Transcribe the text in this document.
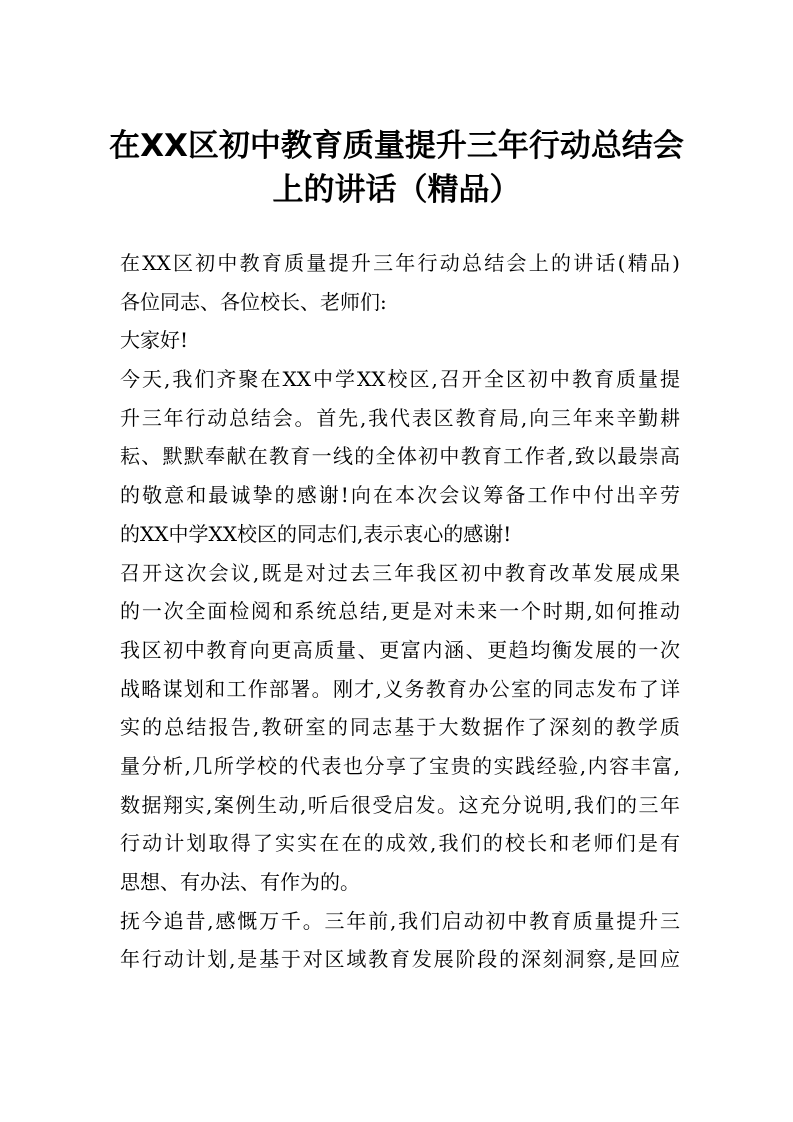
在XX区初中教育质量提升三年行动总结会
上的讲话（精品）
在XX区初中教育质量提升三年行动总结会上的讲话(精品)
各位同志、各位校长、老师们:
大家好!
今天,我们齐聚在XX中学XX校区,召开全区初中教育质量提
升三年行动总结会。首先,我代表区教育局,向三年来辛勤耕
耘、默默奉献在教育一线的全体初中教育工作者,致以最崇高
的敬意和最诚挚的感谢!向在本次会议筹备工作中付出辛劳
的XX中学XX校区的同志们,表示衷心的感谢!
召开这次会议,既是对过去三年我区初中教育改革发展成果
的一次全面检阅和系统总结,更是对未来一个时期,如何推动
我区初中教育向更高质量、更富内涵、更趋均衡发展的一次
战略谋划和工作部署。刚才,义务教育办公室的同志发布了详
实的总结报告,教研室的同志基于大数据作了深刻的教学质
量分析,几所学校的代表也分享了宝贵的实践经验,内容丰富,
数据翔实,案例生动,听后很受启发。这充分说明,我们的三年
行动计划取得了实实在在的成效,我们的校长和老师们是有
思想、有办法、有作为的。
抚今追昔,感慨万千。三年前,我们启动初中教育质量提升三
年行动计划,是基于对区域教育发展阶段的深刻洞察,是回应
